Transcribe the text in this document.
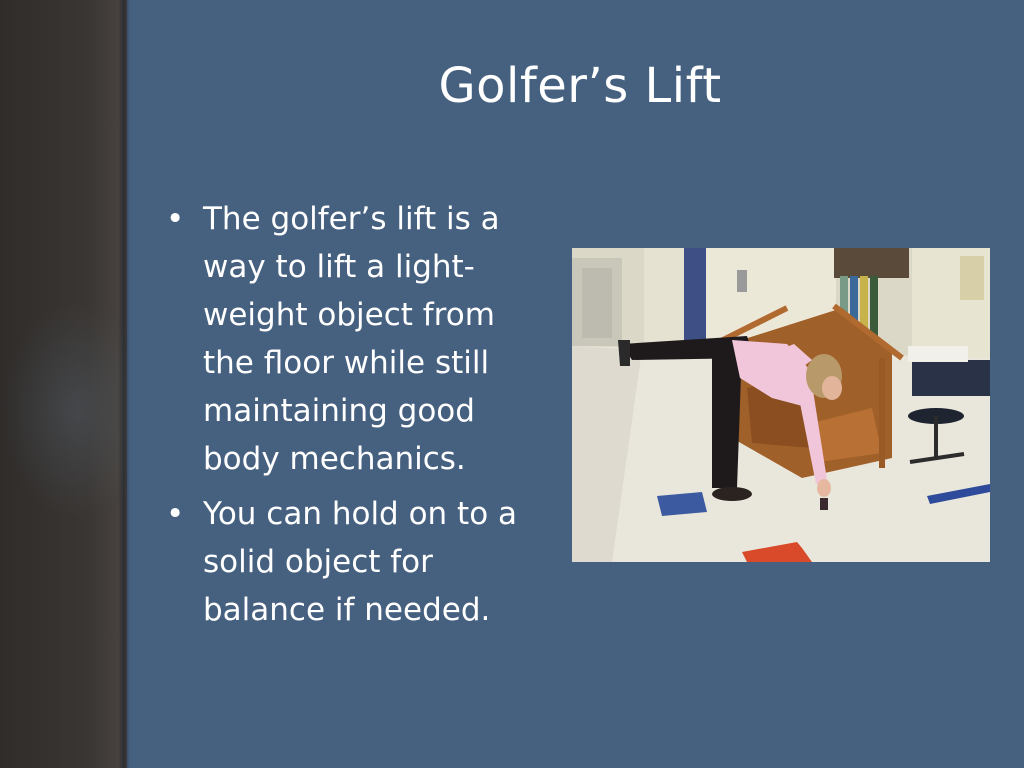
Golfer’s Lift
• The golfer’s lift is a way to lift a light-weight object from the floor while still maintaining good body mechanics.
• You can hold on to a solid object for balance if needed.
